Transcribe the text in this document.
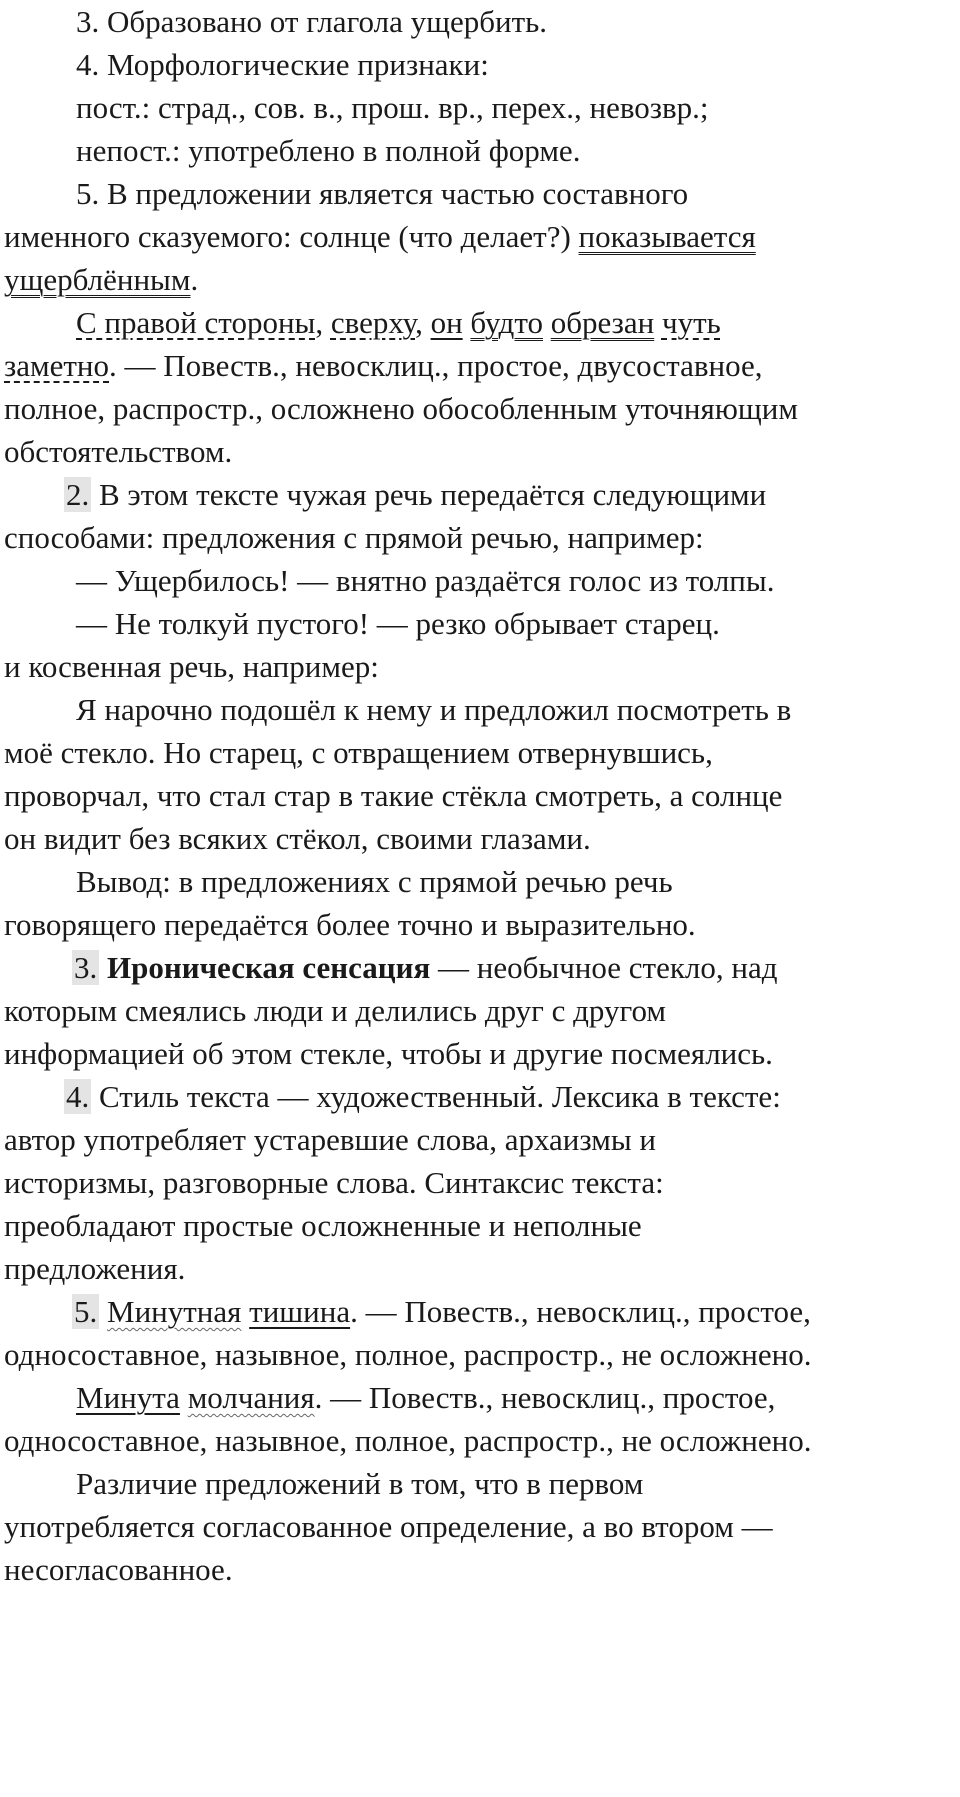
3. Образовано от глагола ущербить.
4. Морфологические признаки:
пост.: страд., сов. в., прош. вр., перех., невозвр.;
непост.: употреблено в полной форме.
5. В предложении является частью составного
именного сказуемого: солнце (что делает?) показывается
ущерблённым.
С правой стороны, сверху, он будто обрезан чуть
заметно. — Повеств., невосклиц., простое, двусоставное,
полное, распростр., осложнено обособленным уточняющим
обстоятельством.
2. В этом тексте чужая речь передаётся следующими
способами: предложения с прямой речью, например:
— Ущербилось! — внятно раздаётся голос из толпы.
— Не толкуй пустого! — резко обрывает старец.
и косвенная речь, например:
Я нарочно подошёл к нему и предложил посмотреть в
моё стекло. Но старец, с отвращением отвернувшись,
проворчал, что стал стар в такие стёкла смотреть, а солнце
он видит без всяких стёкол, своими глазами.
Вывод: в предложениях с прямой речью речь
говорящего передаётся более точно и выразительно.
3. Ироническая сенсация — необычное стекло, над
которым смеялись люди и делились друг с другом
информацией об этом стекле, чтобы и другие посмеялись.
4. Стиль текста — художественный. Лексика в тексте:
автор употребляет устаревшие слова, архаизмы и
историзмы, разговорные слова. Синтаксис текста:
преобладают простые осложненные и неполные
предложения.
5. Минутная тишина. — Повеств., невосклиц., простое,
односоставное, назывное, полное, распростр., не осложнено.
Минута молчания. — Повеств., невосклиц., простое,
односоставное, назывное, полное, распростр., не осложнено.
Различие предложений в том, что в первом
употребляется согласованное определение, а во втором —
несогласованное.
